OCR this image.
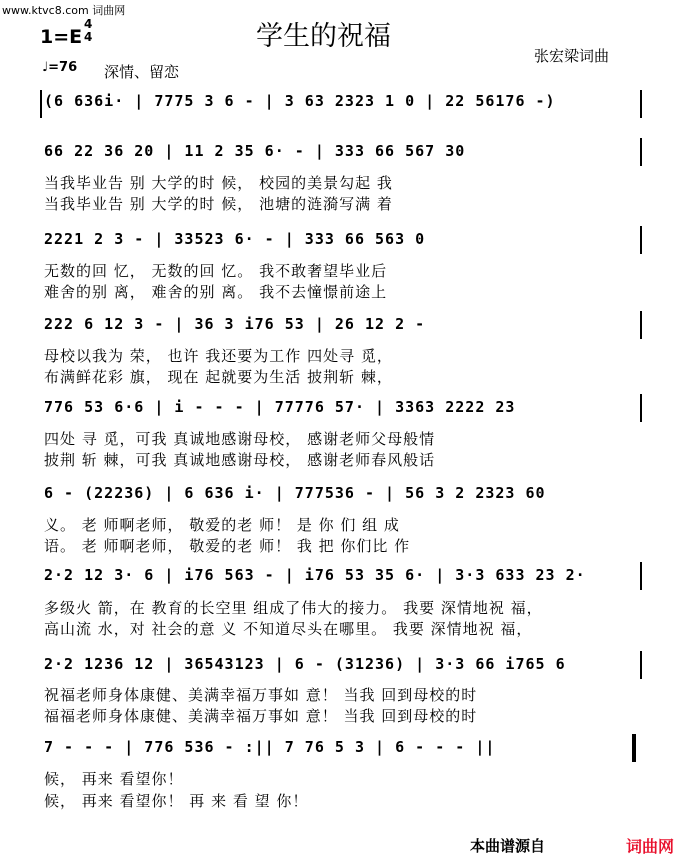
www.ktvc8.com 词曲网
学生的祝福
1=E
4
4
♩=76 深情、留恋
张宏梁词曲
(6 636i· | 7775 3 6 - | 3 63 2323 1 0 | 22 56176 -)
66 22 36 20 | 11 2 35 6· - | 333 66 567 30
当我毕业告 别 大学的时 候， 校园的美景勾起 我
当我毕业告 别 大学的时 候， 池塘的涟漪写满 着
2221 2 3 - | 33523 6· - | 333 66 563 0
无数的回 忆， 无数的回 忆。 我不敢奢望毕业后
难舍的别 离， 难舍的别 离。 我不去憧憬前途上
222 6 12 3 - | 36 3 i76 53 | 26 12 2 -
母校以我为 荣， 也许 我还要为工作 四处寻 觅，
布满鲜花彩 旗， 现在 起就要为生活 披荆斩 棘，
776 53 6·6 | i - - - | 77776 57· | 3363 2222 23
四处 寻 觅，可我 真诚地感谢母校， 感谢老师父母般情
披荆 斩 棘，可我 真诚地感谢母校， 感谢老师春风般话
6 - (22236) | 6 636 i· | 777536 - | 56 3 2 2323 60
义。 老 师啊老师， 敬爱的老 师！ 是 你 们 组 成
语。 老 师啊老师， 敬爱的老 师！ 我 把 你们比 作
2·2 12 3· 6 | i76 563 - | i76 53 35 6· | 3·3 633 23 2·
多级火 箭，在 教育的长空里 组成了伟大的接力。 我要 深情地祝 福，
高山流 水，对 社会的意 义 不知道尽头在哪里。 我要 深情地祝 福，
2·2 1236 12 | 36543123 | 6 - (31236) | 3·3 66 i765 6
祝福老师身体康健、美满幸福万事如 意！ 当我 回到母校的时
福福老师身体康健、美满幸福万事如 意！ 当我 回到母校的时
7 - - - | 776 536 - :|| 7 76 5 3 | 6 - - - ||
候， 再来 看望你！
候， 再来 看望你！ 再 来 看 望 你！
本曲谱源自	词曲网
